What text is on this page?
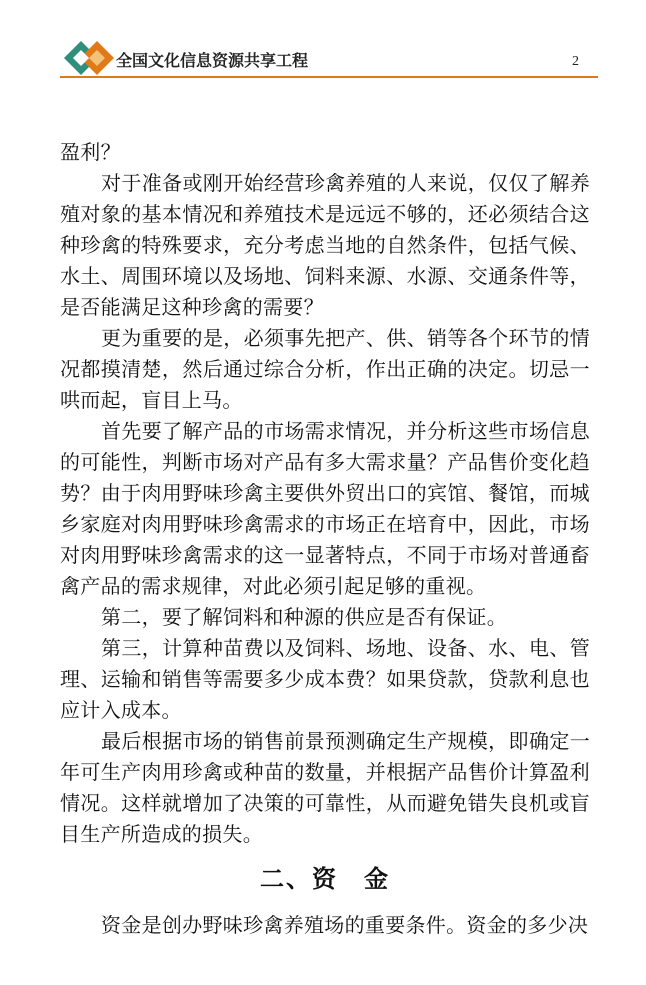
全国文化信息资源共享工程	2

盈利？

对于准备或刚开始经营珍禽养殖的人来说，仅仅了解养殖对象的基本情况和养殖技术是远远不够的，还必须结合这种珍禽的特殊要求，充分考虑当地的自然条件，包括气候、水土、周围环境以及场地、饲料来源、水源、交通条件等，是否能满足这种珍禽的需要？

更为重要的是，必须事先把产、供、销等各个环节的情况都摸清楚，然后通过综合分析，作出正确的决定。切忌一哄而起，盲目上马。

首先要了解产品的市场需求情况，并分析这些市场信息的可能性，判断市场对产品有多大需求量？产品售价变化趋势？由于肉用野味珍禽主要供外贸出口的宾馆、餐馆，而城乡家庭对肉用野味珍禽需求的市场正在培育中，因此，市场对肉用野味珍禽需求的这一显著特点，不同于市场对普通畜禽产品的需求规律，对此必须引起足够的重视。

第二，要了解饲料和种源的供应是否有保证。

第三，计算种苗费以及饲料、场地、设备、水、电、管理、运输和销售等需要多少成本费？如果贷款，贷款利息也应计入成本。

最后根据市场的销售前景预测确定生产规模，即确定一年可生产肉用珍禽或种苗的数量，并根据产品售价计算盈利情况。这样就增加了决策的可靠性，从而避免错失良机或盲目生产所造成的损失。

二、资　金

资金是创办野味珍禽养殖场的重要条件。资金的多少决
